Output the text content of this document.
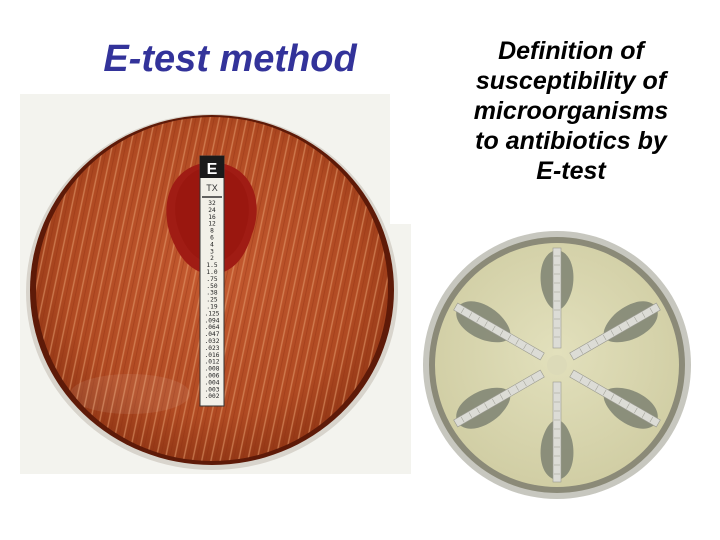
E-test method	Definition of
susceptibility of
microorganisms
to antibiotics by
E-test
E
TX
32
24
16
12
8
6
4
3
2
1.5
1.0
.75
.50
.38
.25
.19
.125
.094
.064
.047
.032
.023
.016
.012
.008
.006
.004
.003
.002
